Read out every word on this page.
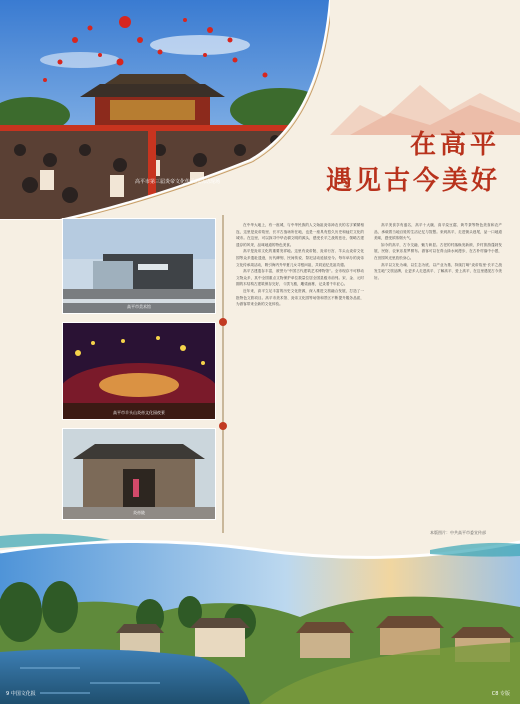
高平市第三届炎帝文化传承周活动现场
在高平
遇见古今美好
高平市美术馆
高平市羊头山炎帝文化园夜景
炎帝陵

在中华大地上，有一座城，与中华民族的人文始祖炎帝神农氏的名字紧紧相连，这里是炎帝故里、长平古战场所在地，也是一座具有悠久历史和灿烂文化的城市。在这里，可以探寻中华农耕文明的源头，感受长平之战的悲壮，领略古建遗存的风采，品味地道的特色美食。

高平是炎帝文化的重要发祥地。这里有炎帝陵、炎帝行宫、羊头山炎帝文化园等众多遗址遗迹，历代碑刻、民间传说、祭祀活动延续至今。每年举办的炎帝文化传承周活动，吸引海内外华夏儿女寻根问祖，共同追忆先祖功德。

高平古建遗存丰富，被誉为“中国古代建筑艺术博物馆”。全市现存不可移动文物众多，其中全国重点文物保护单位数量位居全国县级市前列。宋、金、元时期的木结构古建筑保存完好，斗拱飞檐，雕梁画栋，记录着千年匠心。

近年来，高平立足丰富的历史文化资源，深入推进文旅融合发展，打造了一批特色文旅项目。高平市美术馆、炎帝文化园等场馆和景区不断提升服务品质，为游客带来全新的文化体验。

高平美食享有盛名，高平十大碗、高平烧豆腐、黄芩茶等特色美食和农产品，承载着当地百姓的生活记忆与智慧。来到高平，走进街头巷尾，品一口地道美味，感受浓浓烟火气。

如今的高平，古今交融、魅力彰显。古老的村落焕发新颜，乡村旅游蓬勃发展，民宿、农家乐星罗棋布。游客可以在青山绿水间漫步，在古朴村落中小憩，在田园风光里放松身心。

高平以文化为魂、以生态为底、以产业为基，持续打响“炎帝故里·长平之战发生地”文旅品牌，让更多人走进高平、了解高平、爱上高平，在这里遇见古今美好。

本版图片：中共高平市委宣传部
9 中国文化报	C8 专版
